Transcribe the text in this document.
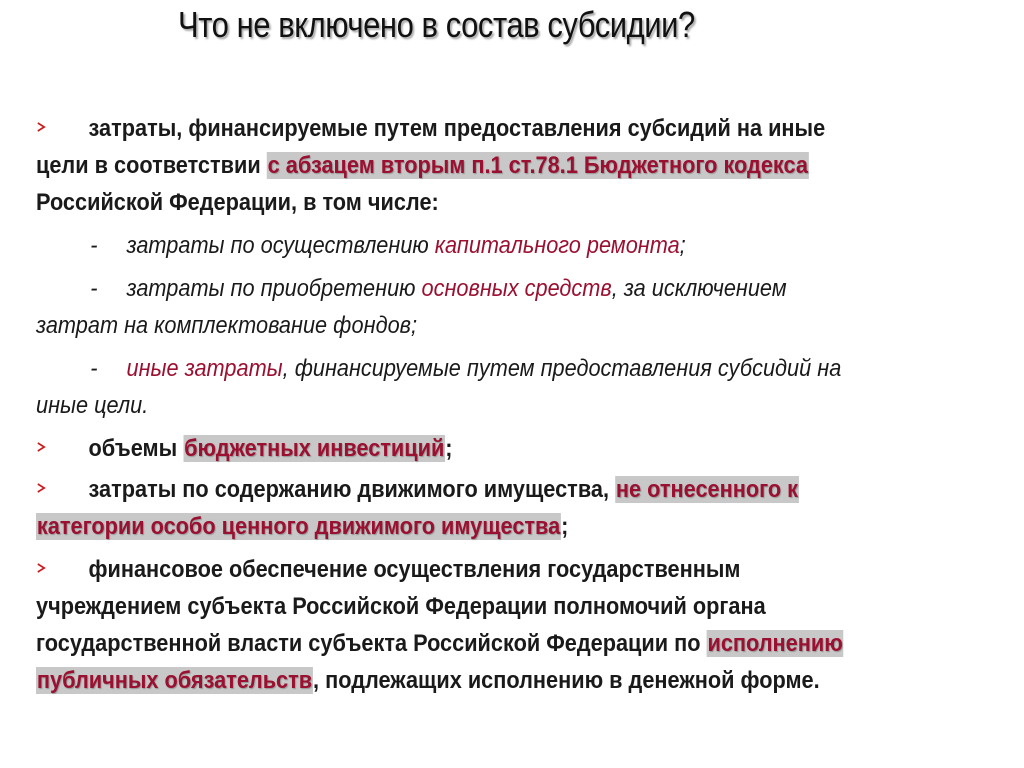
Что не включено в состав субсидии?

затраты, финансируемые путем предоставления субсидий на иные

цели в соответствии с абзацем вторым п.1 ст.78.1 Бюджетного кодекса

Российской Федерации, в том числе:

- затраты по осуществлению капитального ремонта;

- затраты по приобретению основных средств, за исключением

затрат на комплектование фондов;

- иные затраты, финансируемые путем предоставления субсидий на

иные цели.

объемы бюджетных инвестиций;

затраты по содержанию движимого имущества, не отнесенного к

категории особо ценного движимого имущества;

финансовое обеспечение осуществления государственным

учреждением субъекта Российской Федерации полномочий органа

государственной власти субъекта Российской Федерации по исполнению

публичных обязательств, подлежащих исполнению в денежной форме.
